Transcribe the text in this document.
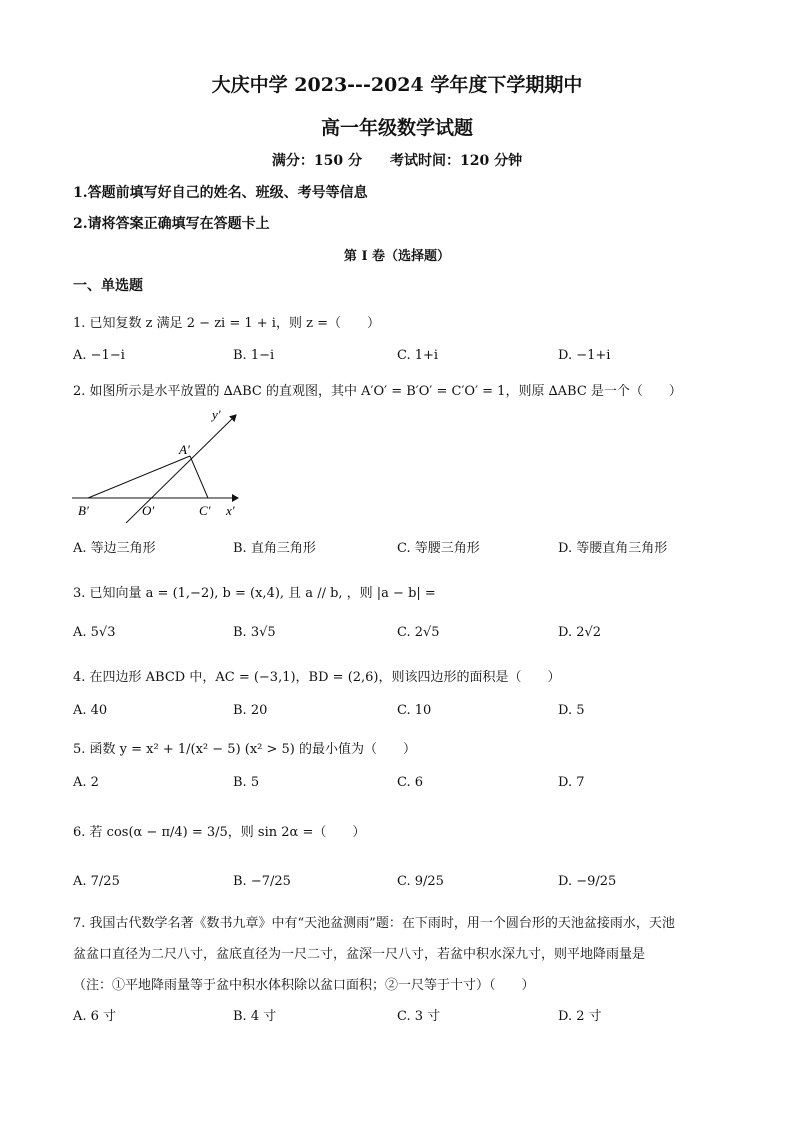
大庆中学 2023---2024 学年度下学期期中
高一年级数学试题
满分：150 分　　考试时间：120 分钟
1.答题前填写好自己的姓名、班级、考号等信息
2.请将答案正确填写在答题卡上
第 I 卷（选择题）
一、单选题
1. 已知复数 z 满足 2 − zi = 1 + i，则 z =（　　）
A. −1−i	B. 1−i	C. 1+i	D. −1+i
2. 如图所示是水平放置的 ∆ABC 的直观图，其中 A′O′ = B′O′ = C′O′ = 1，则原 ∆ABC 是一个（　　）
y′
A′
B′	O′	C′ x′
A. 等边三角形	B. 直角三角形	C. 等腰三角形	D. 等腰直角三角形
3. 已知向量 a = (1,−2), b = (x,4), 且 a // b, ，则 |a − b| =
A. 5√3	B. 3√5	C. 2√5	D. 2√2
4. 在四边形 ABCD 中，AC = (−3,1)，BD = (2,6)，则该四边形的面积是（　　）
A. 40	B. 20	C. 10	D. 5
5. 函数 y = x² + 1/(x² − 5) (x² > 5) 的最小值为（　　）
A. 2	B. 5	C. 6	D. 7
6. 若 cos(α − π/4) = 3/5，则 sin 2α =（　　）
A. 7/25	B. −7/25	C. 9/25	D. −9/25
7. 我国古代数学名著《数书九章》中有“天池盆测雨”题：在下雨时，用一个圆台形的天池盆接雨水，天池
盆盆口直径为二尺八寸，盆底直径为一尺二寸，盆深一尺八寸，若盆中积水深九寸，则平地降雨量是
（注：①平地降雨量等于盆中积水体积除以盆口面积；②一尺等于十寸）（　　）
A. 6 寸	B. 4 寸	C. 3 寸	D. 2 寸
